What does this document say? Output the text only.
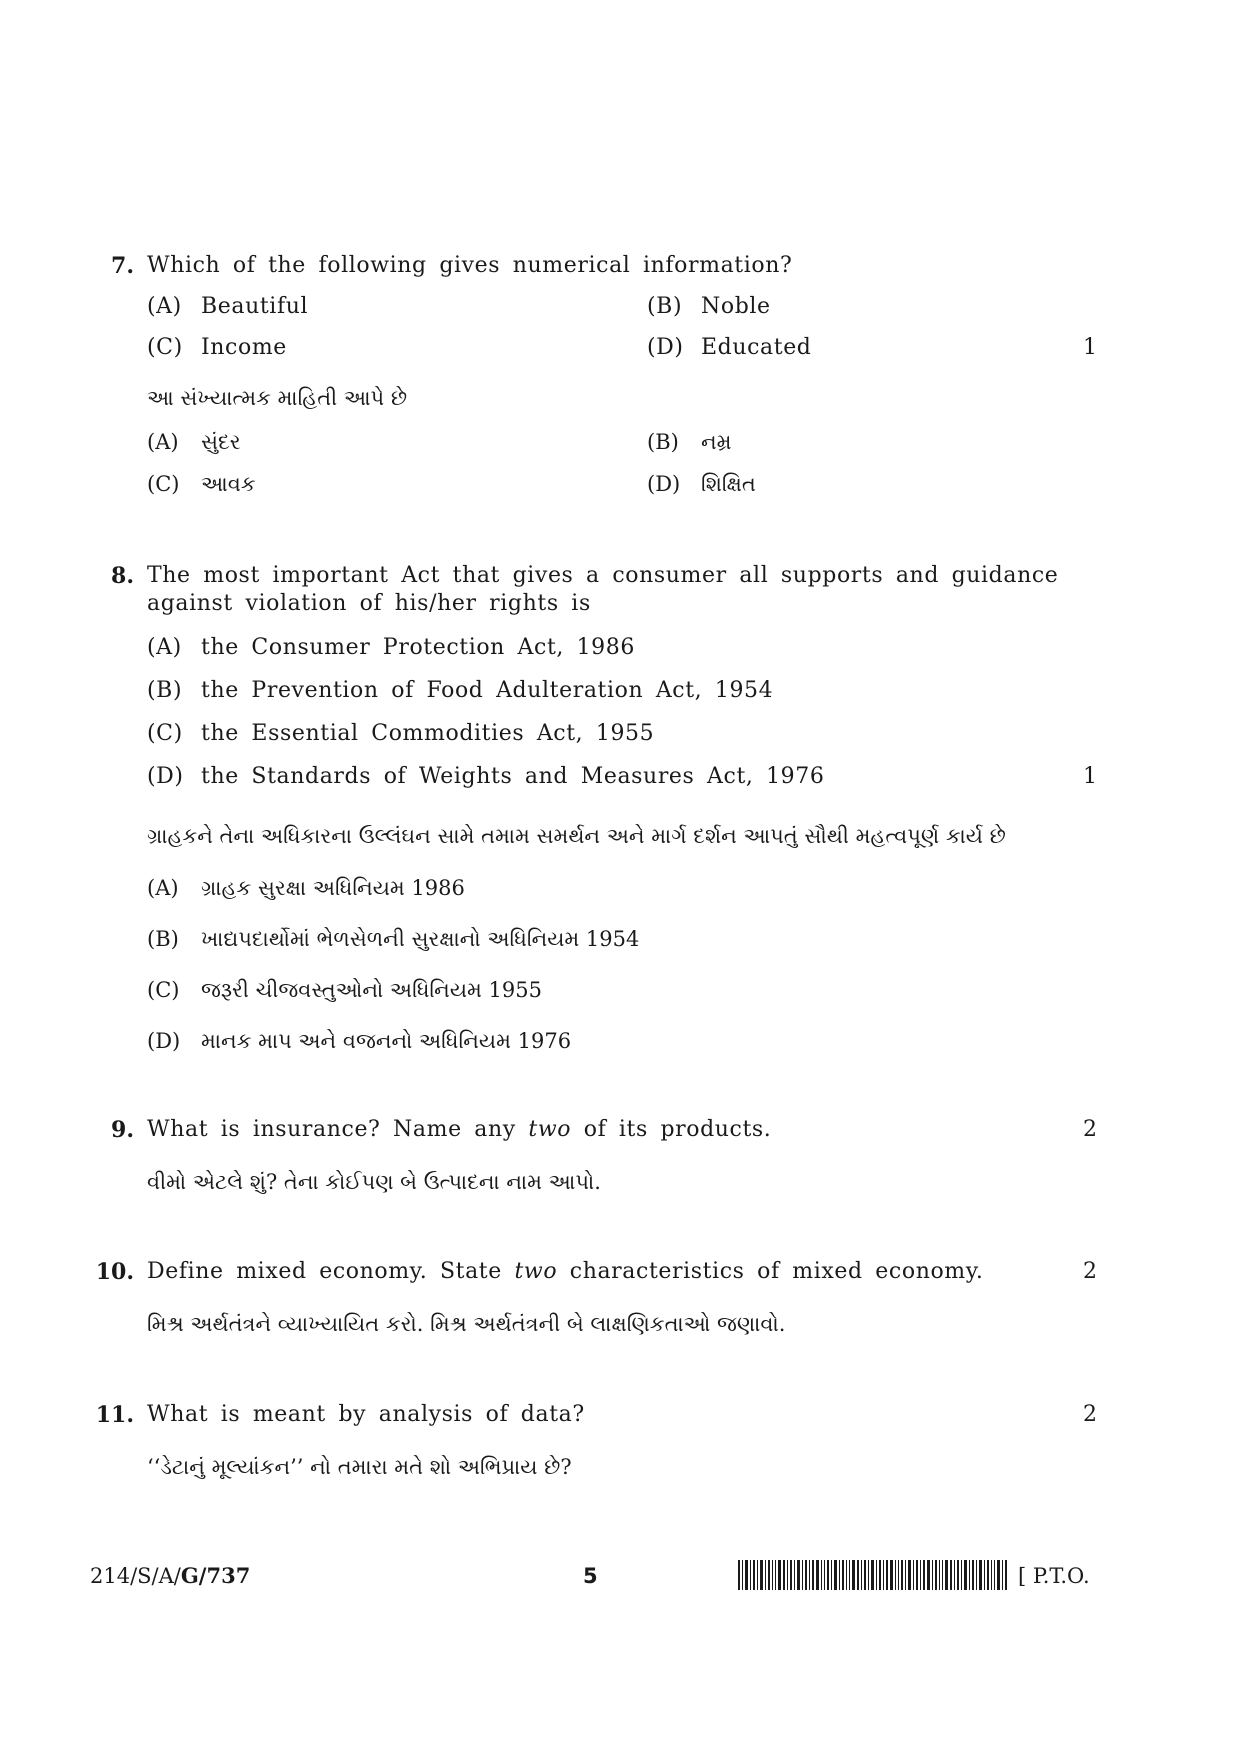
7. Which of the following gives numerical information?
(A) Beautiful	(B) Noble
(C) Income	(D) Educated	1
આ સંખ્યાત્મક માહિતી આપે છે
(A) સુંદર	(B) નમ્ર
(C) આવક	(D) શિક્ષિત
8. The most important Act that gives a consumer all supports and guidance
against violation of his/her rights is
(A) the Consumer Protection Act, 1986
(B) the Prevention of Food Adulteration Act, 1954
(C) the Essential Commodities Act, 1955
(D) the Standards of Weights and Measures Act, 1976	1
ગ્રાહકને તેના અધિકારના ઉલ્લંઘન સામે તમામ સમર્થન અને માર્ગ દર્શન આપતું સૌથી મહત્વપૂર્ણ કાર્ય છે
(A) ગ્રાહક સુરક્ષા અધિનિયમ 1986
(B) ખાદ્યપદાર્થોમાં ભેળસેળની સુરક્ષાનો અધિનિયમ 1954
(C) જરૂરી ચીજવસ્તુઓનો અધિનિયમ 1955
(D) માનક માપ અને વજનનો અધિનિયમ 1976
9. What is insurance? Name any two of its products.	2
વીમો એટલે શું? તેના કોઈપણ બે ઉત્પાદના નામ આપો.
10. Define mixed economy. State two characteristics of mixed economy.	2
મિશ્ર અર્થતંત્રને વ્યાખ્યાયિત કરો. મિશ્ર અર્થતંત્રની બે લાક્ષણિકતાઓ જણાવો.
11. What is meant by analysis of data?	2
‘‘ડેટાનું મૂલ્યાંકન’’ નો તમારા મતે શો અભિપ્રાય છે?
214/S/A/G/737	5	[ P.T.O.
